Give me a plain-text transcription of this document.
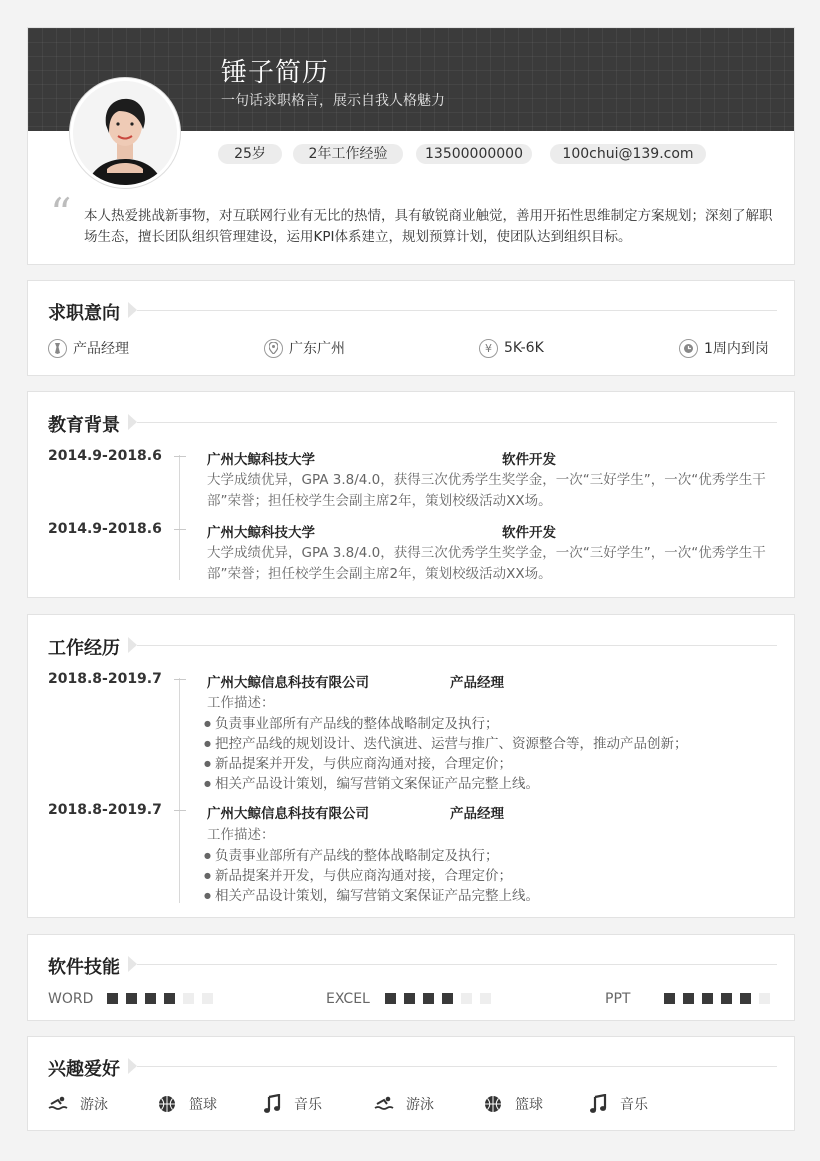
锤子简历
一句话求职格言，展示自我人格魅力
25岁	2年工作经验	13500000000	100chui@139.com
“ 本人热爱挑战新事物，对互联网行业有无比的热情，具有敏锐商业触觉，善用开拓性思维制定方案规划；深刻了解职场生态，擅长团队组织管理建设，运用KPI体系建立，规划预算计划，使团队达到组织目标。
求职意向
产品经理	广东广州	¥ 5K-6K	1周内到岗
教育背景
2014.9-2018.6	广州大鲸科技大学	软件开发
大学成绩优异，GPA 3.8/4.0，获得三次优秀学生奖学金，一次“三好学生”，一次“优秀学生干部”荣誉；担任校学生会副主席2年，策划校级活动XX场。
2014.9-2018.6	广州大鲸科技大学	软件开发
大学成绩优异，GPA 3.8/4.0，获得三次优秀学生奖学金，一次“三好学生”，一次“优秀学生干部”荣誉；担任校学生会副主席2年，策划校级活动XX场。
工作经历
2018.8-2019.7	广州大鲸信息科技有限公司	产品经理
工作描述：
● 负责事业部所有产品线的整体战略制定及执行；
● 把控产品线的规划设计、迭代演进、运营与推广、资源整合等，推动产品创新；
● 新品提案并开发，与供应商沟通对接，合理定价；
● 相关产品设计策划，编写营销文案保证产品完整上线。
2018.8-2019.7	广州大鲸信息科技有限公司	产品经理
工作描述：
● 负责事业部所有产品线的整体战略制定及执行；
● 新品提案并开发，与供应商沟通对接，合理定价；
● 相关产品设计策划，编写营销文案保证产品完整上线。
软件技能
WORD	EXCEL	PPT
兴趣爱好
游泳	篮球	音乐	游泳	篮球	音乐
